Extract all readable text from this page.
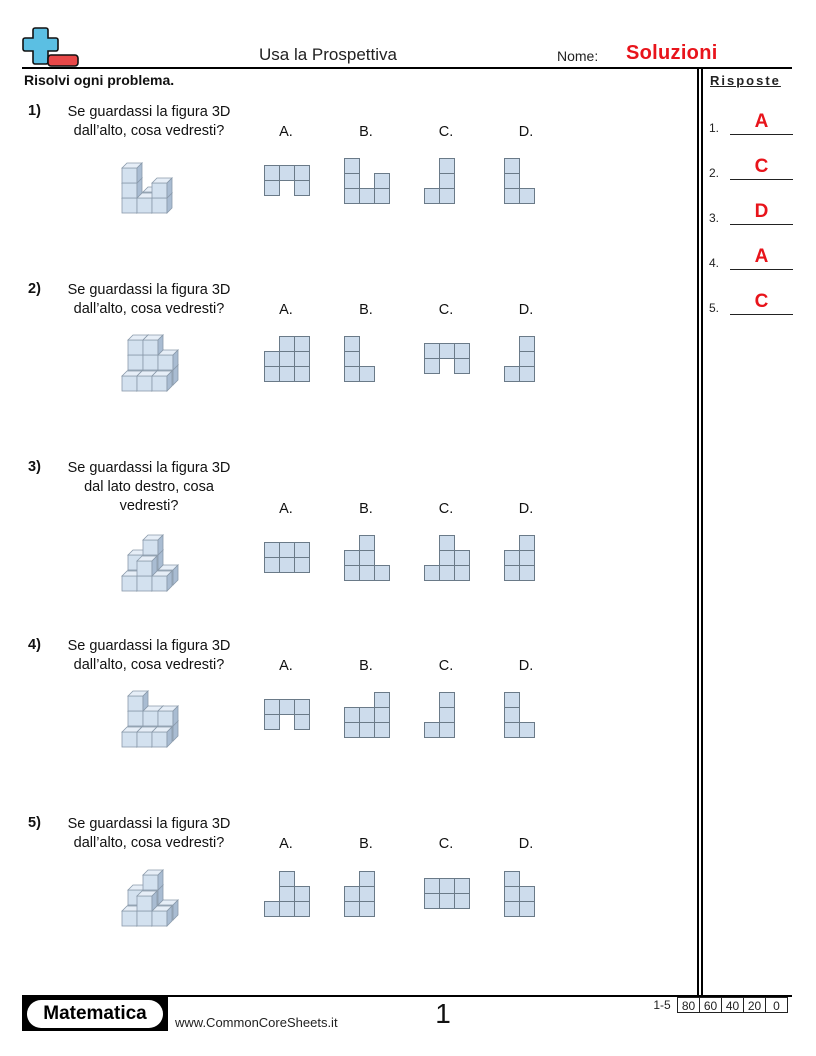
Usa la Prospettiva	Nome: Soluzioni
Risolvi ogni problema.	Risposte
1.	A
2.	C
3.	D
4.	A
5.	C
1)	Se guardassi la figura 3D dall’alto, cosa vedresti?	A.	B.	C.	D.
2)	Se guardassi la figura 3D dall’alto, cosa vedresti?	A.	B.	C.	D.
3)	Se guardassi la figura 3D dal lato destro, cosa vedresti?	A.	B.	C.	D.
4)	Se guardassi la figura 3D dall’alto, cosa vedresti?	A.	B.	C.	D.
5)	Se guardassi la figura 3D dall’alto, cosa vedresti?	A.	B.	C.	D.
Matematica	www.CommonCoreSheets.it	1	1-5 80 60 40 20 0
